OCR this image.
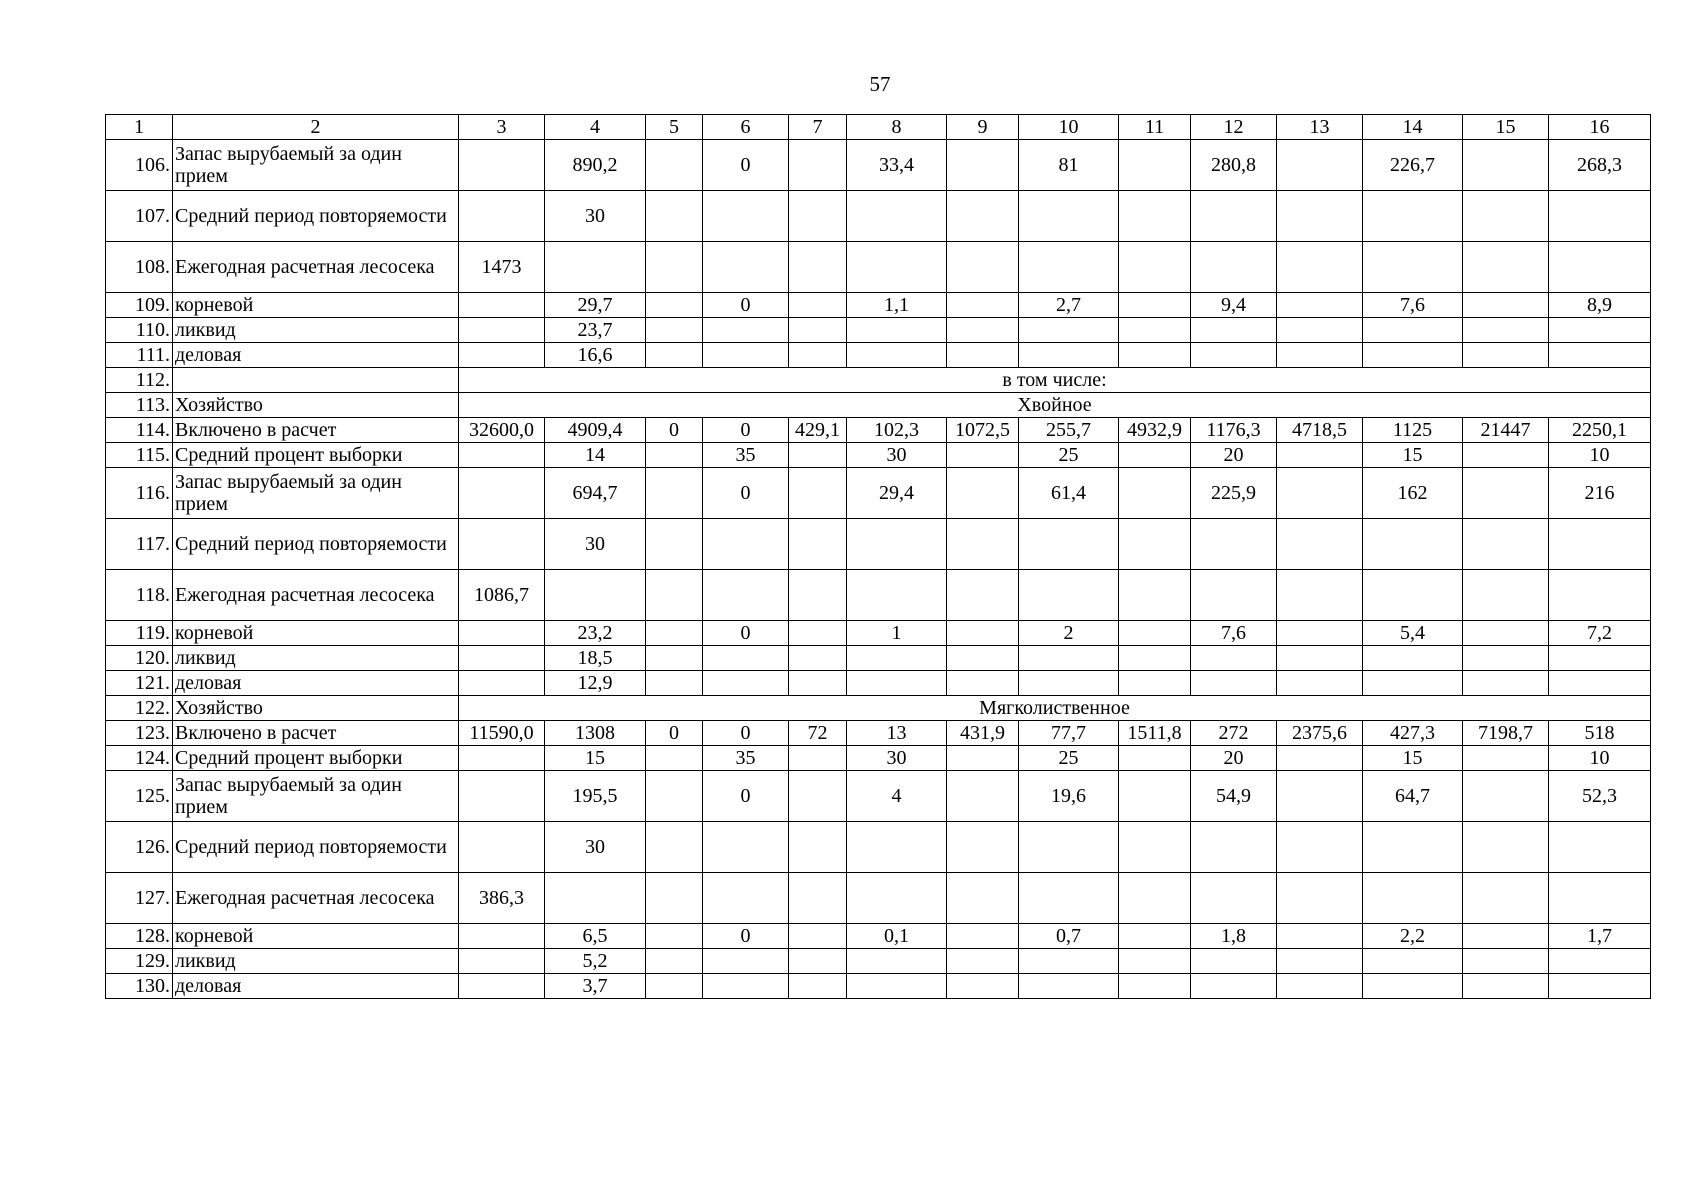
57
1	2	3	4	5	6	7	8	9	10	11	12	13	14	15	16
106.	Запас вырубаемый за один прием		890,2		0		33,4		81		280,8		226,7		268,3
107.	Средний период повторяемости		30												
108.	Ежегодная расчетная лесосека	1473													
109.	корневой		29,7		0		1,1		2,7		9,4		7,6		8,9
110.	ликвид		23,7												
111.	деловая		16,6												
112.		в том числе:													
113.	Хозяйство	Хвойное													
114.	Включено в расчет	32600,0	4909,4	0	0	429,1	102,3	1072,5	255,7	4932,9	1176,3	4718,5	1125	21447	2250,1
115.	Средний процент выборки		14		35		30		25		20		15		10
116.	Запас вырубаемый за один прием		694,7		0		29,4		61,4		225,9		162		216
117.	Средний период повторяемости		30												
118.	Ежегодная расчетная лесосека	1086,7													
119.	корневой		23,2		0		1		2		7,6		5,4		7,2
120.	ликвид		18,5												
121.	деловая		12,9												
122.	Хозяйство	Мягколиственное													
123.	Включено в расчет	11590,0	1308	0	0	72	13	431,9	77,7	1511,8	272	2375,6	427,3	7198,7	518
124.	Средний процент выборки		15		35		30		25		20		15		10
125.	Запас вырубаемый за один прием		195,5		0		4		19,6		54,9		64,7		52,3
126.	Средний период повторяемости		30												
127.	Ежегодная расчетная лесосека	386,3													
128.	корневой		6,5		0		0,1		0,7		1,8		2,2		1,7
129.	ликвид		5,2												
130.	деловая		3,7												
